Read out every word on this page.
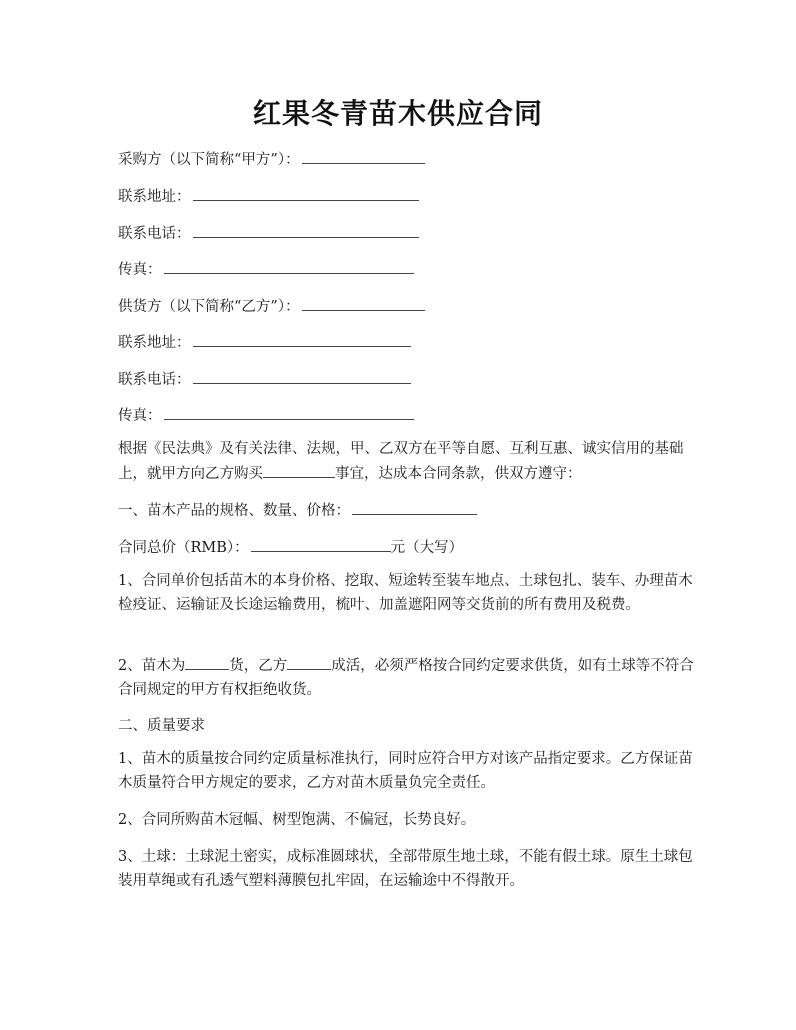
红果冬青苗木供应合同
采购方（以下简称“甲方”）：
联系地址：
联系电话：
传真：
供货方（以下简称“乙方”）：
联系地址：
联系电话：
传真：
根据《民法典》及有关法律、法规，甲、乙双方在平等自愿、互利互惠、诚实信用的基础上，就甲方向乙方购买	事宜，达成本合同条款，供双方遵守：
一、苗木产品的规格、数量、价格：
合同总价（RMB）：	元（大写）
1、合同单价包括苗木的本身价格、挖取、短途转至装车地点、土球包扎、装车、办理苗木检疫证、运输证及长途运输费用，梳叶、加盖遮阳网等交货前的所有费用及税费。
2、苗木为	货，乙方	成活，必须严格按合同约定要求供货，如有土球等不符合合同规定的甲方有权拒绝收货。
二、质量要求
1、苗木的质量按合同约定质量标准执行，同时应符合甲方对该产品指定要求。乙方保证苗木质量符合甲方规定的要求，乙方对苗木质量负完全责任。
2、合同所购苗木冠幅、树型饱满、不偏冠，长势良好。
3、土球：土球泥土密实，成标准圆球状，全部带原生地土球，不能有假土球。原生土球包装用草绳或有孔透气塑料薄膜包扎牢固，在运输途中不得散开。
